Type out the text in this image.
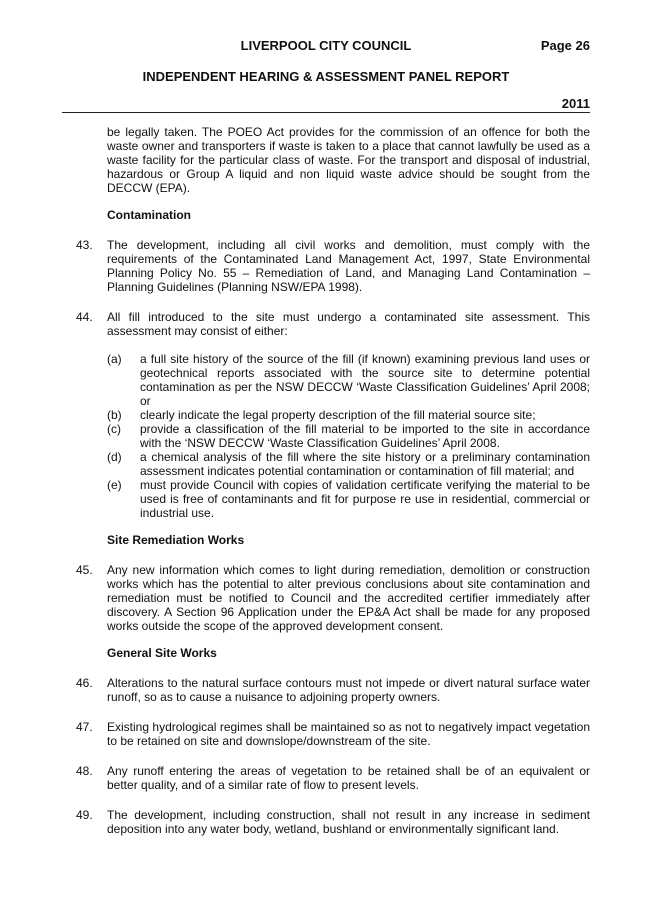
LIVERPOOL CITY COUNCIL	Page 26
INDEPENDENT HEARING & ASSESSMENT PANEL REPORT
2011
be legally taken. The POEO Act provides for the commission of an offence for both the waste owner and transporters if waste is taken to a place that cannot lawfully be used as a waste facility for the particular class of waste. For the transport and disposal of industrial, hazardous or Group A liquid and non liquid waste advice should be sought from the DECCW (EPA).
Contamination
43. The development, including all civil works and demolition, must comply with the requirements of the Contaminated Land Management Act, 1997, State Environmental Planning Policy No. 55 – Remediation of Land, and Managing Land Contamination – Planning Guidelines (Planning NSW/EPA 1998).
44. All fill introduced to the site must undergo a contaminated site assessment. This assessment may consist of either:
(a) a full site history of the source of the fill (if known) examining previous land uses or geotechnical reports associated with the source site to determine potential contamination as per the NSW DECCW ‘Waste Classification Guidelines’ April 2008; or
(b) clearly indicate the legal property description of the fill material source site;
(c) provide a classification of the fill material to be imported to the site in accordance with the ‘NSW DECCW ‘Waste Classification Guidelines’ April 2008.
(d) a chemical analysis of the fill where the site history or a preliminary contamination assessment indicates potential contamination or contamination of fill material; and
(e) must provide Council with copies of validation certificate verifying the material to be used is free of contaminants and fit for purpose re use in residential, commercial or industrial use.
Site Remediation Works
45. Any new information which comes to light during remediation, demolition or construction works which has the potential to alter previous conclusions about site contamination and remediation must be notified to Council and the accredited certifier immediately after discovery. A Section 96 Application under the EP&A Act shall be made for any proposed works outside the scope of the approved development consent.
General Site Works
46. Alterations to the natural surface contours must not impede or divert natural surface water runoff, so as to cause a nuisance to adjoining property owners.
47. Existing hydrological regimes shall be maintained so as not to negatively impact vegetation to be retained on site and downslope/downstream of the site.
48. Any runoff entering the areas of vegetation to be retained shall be of an equivalent or better quality, and of a similar rate of flow to present levels.
49. The development, including construction, shall not result in any increase in sediment deposition into any water body, wetland, bushland or environmentally significant land.
